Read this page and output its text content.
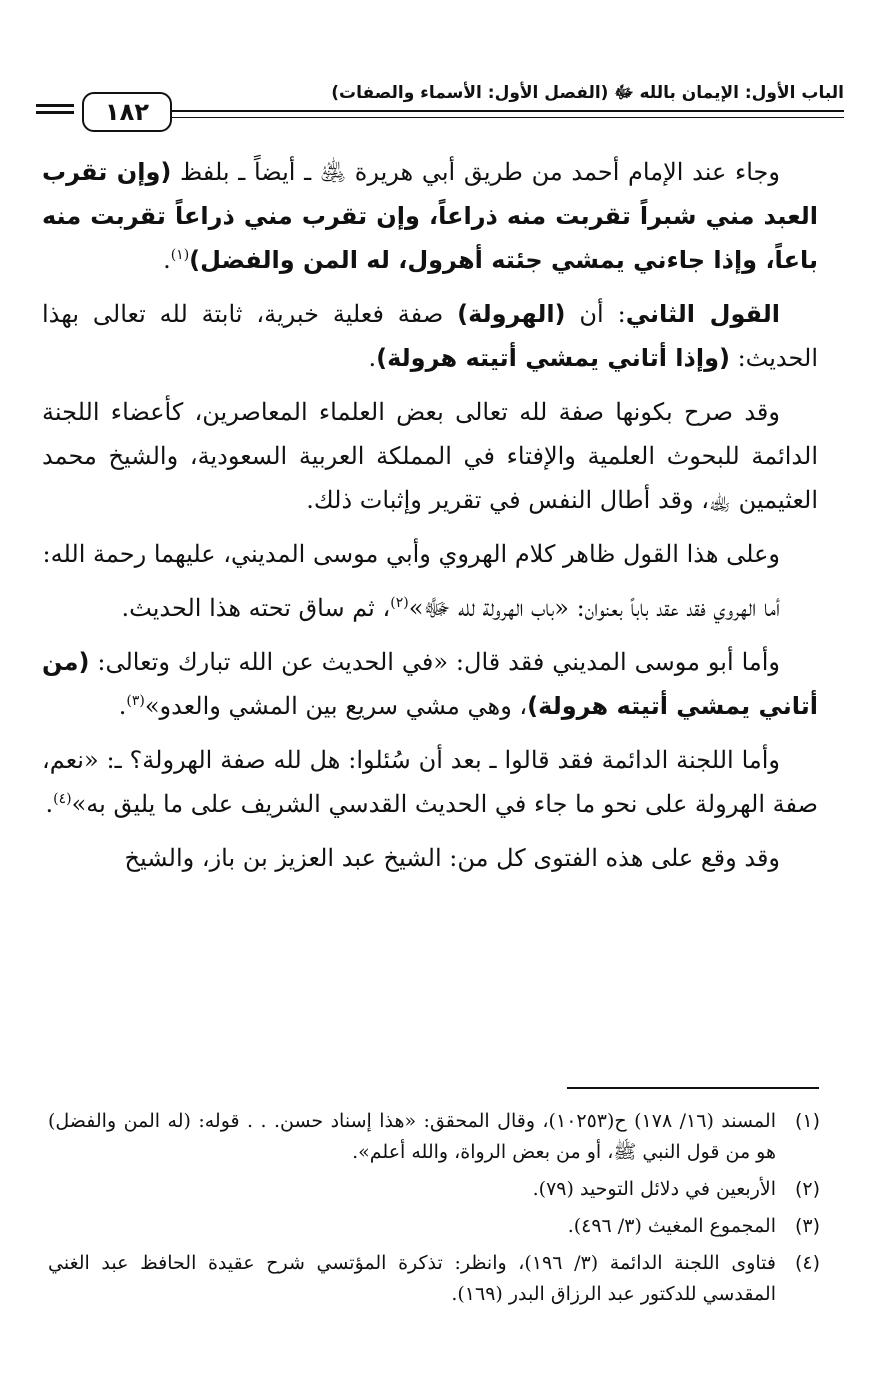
الباب الأول: الإيمان بالله ﷻ (الفصل الأول: الأسماء والصفات)
١٨٢

وجاء عند الإمام أحمد من طريق أبي هريرة ﵁ ـ أيضاً ـ بلفظ (وإن تقرب العبد مني شبراً تقربت منه ذراعاً، وإن تقرب مني ذراعاً تقربت منه باعاً، وإذا جاءني يمشي جئته أهرول، له المن والفضل)$^{(١)}$.

القول الثاني: أن (الهرولة) صفة فعلية خبرية، ثابتة لله تعالى بهذا الحديث: (وإذا أتاني يمشي أتيته هرولة).

وقد صرح بكونها صفة لله تعالى بعض العلماء المعاصرين، كأعضاء اللجنة الدائمة للبحوث العلمية والإفتاء في المملكة العربية السعودية، والشيخ محمد العثيمين ﵀، وقد أطال النفس في تقرير وإثبات ذلك.

وعلى هذا القول ظاهر كلام الهروي وأبي موسى المديني، عليهما رحمة الله:

أما الهروي فقد عقد باباً بعنوان: «باب الهرولة لله ﷻ»$^{(٢)}$، ثم ساق تحته هذا الحديث.

وأما أبو موسى المديني فقد قال: «في الحديث عن الله تبارك وتعالى: (من أتاني يمشي أتيته هرولة)، وهي مشي سريع بين المشي والعدو»$^{(٣)}$.

وأما اللجنة الدائمة فقد قالوا ـ بعد أن سُئلوا: هل لله صفة الهرولة؟ ـ: «نعم، صفة الهرولة على نحو ما جاء في الحديث القدسي الشريف على ما يليق به»$^{(٤)}$.

وقد وقع على هذه الفتوى كل من: الشيخ عبد العزيز بن باز، والشيخ

(١)
المسند (١٦/ ١٧٨) ح(١٠٢٥٣)، وقال المحقق: «هذا إسناد حسن. . . قوله: (له المن والفضل) هو من قول النبي ﷺ، أو من بعض الرواة، والله أعلم».
(٢)
الأربعين في دلائل التوحيد (٧٩).
(٣)
المجموع المغيث (٣/ ٤٩٦).
(٤)
فتاوى اللجنة الدائمة (٣/ ١٩٦)، وانظر: تذكرة المؤتسي شرح عقيدة الحافظ عبد الغني المقدسي للدكتور عبد الرزاق البدر (١٦٩).
